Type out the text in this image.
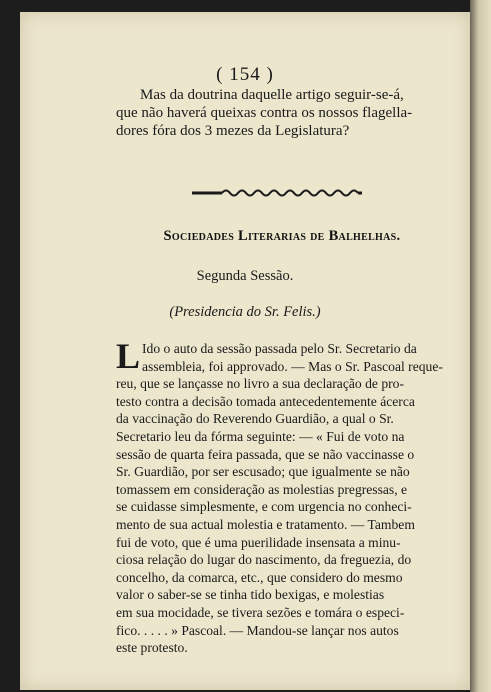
( 154 )
Mas da doutrina daquelle artigo seguir-se-á,
que não haverá queixas contra os nossos flagella-
dores fóra dos 3 mezes da Legislatura?
Sociedades Literarias de Balhelhas.
Segunda Sessão.
(Presidencia do Sr. Felis.)
L Ido o auto da sessão passada pelo Sr. Secretario da
assembleia, foi approvado. — Mas o Sr. Pascoal reque-
reu, que se lançasse no livro a sua declaração de pro-
testo contra a decisão tomada antecedentemente ácerca
da vaccinação do Reverendo Guardião, a qual o Sr.
Secretario leu da fórma seguinte: — « Fui de voto na
sessão de quarta feira passada, que se não vaccinasse o
Sr. Guardião, por ser escusado; que igualmente se não
tomassem em consideração as molestias pregressas, e
se cuidasse simplesmente, e com urgencia no conheci-
mento de sua actual molestia e tratamento. — Tambem
fui de voto, que é uma puerilidade insensata a minu-
ciosa relação do lugar do nascimento, da freguezia, do
concelho, da comarca, etc., que considero do mesmo
valor o saber-se se tinha tido bexigas, e molestias
em sua mocidade, se tivera sezões e tomára o especi-
fico. . . . . » Pascoal. — Mandou-se lançar nos autos
este protesto.
